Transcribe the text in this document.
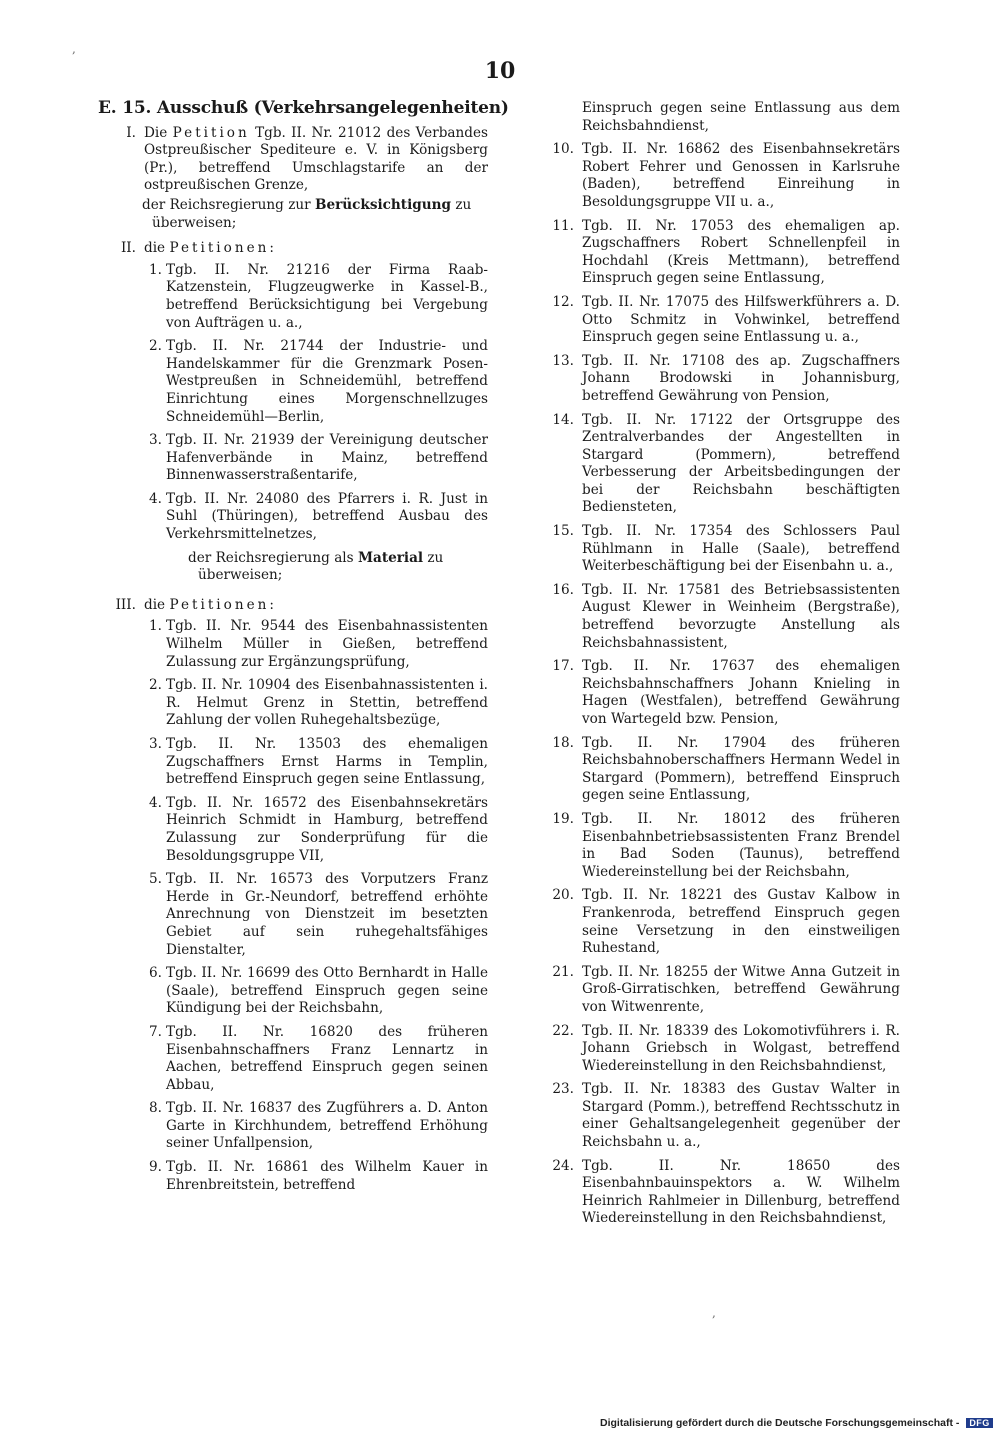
10
E. 15. Ausschuß (Verkehrsangelegenheiten)
I. Die Petition Tgb. II. Nr. 21012 des Verbandes Ostpreußischer Spediteure e. V. in Königsberg (Pr.), betreffend Umschlagstarife an der ostpreußischen Grenze,
der Reichsregierung zur Berücksichtigung zu überweisen;
II. die Petitionen:
1. Tgb. II. Nr. 21216 der Firma Raab-Katzenstein, Flugzeugwerke in Kassel-B., betreffend Berücksichtigung bei Vergebung von Aufträgen u. a.,
2. Tgb. II. Nr. 21744 der Industrie- und Handelskammer für die Grenzmark Posen-Westpreußen in Schneidemühl, betreffend Einrichtung eines Morgenschnellzuges Schneidemühl—Berlin,
3. Tgb. II. Nr. 21939 der Vereinigung deutscher Hafenverbände in Mainz, betreffend Binnenwasserstraßentarife,
4. Tgb. II. Nr. 24080 des Pfarrers i. R. Just in Suhl (Thüringen), betreffend Ausbau des Verkehrsmittelnetzes,
der Reichsregierung als Material zu überweisen;
III. die Petitionen:
1. Tgb. II. Nr. 9544 des Eisenbahnassistenten Wilhelm Müller in Gießen, betreffend Zulassung zur Ergänzungsprüfung,
2. Tgb. II. Nr. 10904 des Eisenbahnassistenten i. R. Helmut Grenz in Stettin, betreffend Zahlung der vollen Ruhegehaltsbezüge,
3. Tgb. II. Nr. 13503 des ehemaligen Zugschaffners Ernst Harms in Templin, betreffend Einspruch gegen seine Entlassung,
4. Tgb. II. Nr. 16572 des Eisenbahnsekretärs Heinrich Schmidt in Hamburg, betreffend Zulassung zur Sonderprüfung für die Besoldungsgruppe VII,
5. Tgb. II. Nr. 16573 des Vorputzers Franz Herde in Gr.-Neundorf, betreffend erhöhte Anrechnung von Dienstzeit im besetzten Gebiet auf sein ruhegehaltsfähiges Dienstalter,
6. Tgb. II. Nr. 16699 des Otto Bernhardt in Halle (Saale), betreffend Einspruch gegen seine Kündigung bei der Reichsbahn,
7. Tgb. II. Nr. 16820 des früheren Eisenbahnschaffners Franz Lennartz in Aachen, betreffend Einspruch gegen seinen Abbau,
8. Tgb. II. Nr. 16837 des Zugführers a. D. Anton Garte in Kirchhundem, betreffend Erhöhung seiner Unfallpension,
9. Tgb. II. Nr. 16861 des Wilhelm Kauer in Ehrenbreitstein, betreffend
Einspruch gegen seine Entlassung aus dem Reichsbahndienst,
10. Tgb. II. Nr. 16862 des Eisenbahnsekretärs Robert Fehrer und Genossen in Karlsruhe (Baden), betreffend Einreihung in Besoldungsgruppe VII u. a.,
11. Tgb. II. Nr. 17053 des ehemaligen ap. Zugschaffners Robert Schnellenpfeil in Hochdahl (Kreis Mettmann), betreffend Einspruch gegen seine Entlassung,
12. Tgb. II. Nr. 17075 des Hilfswerkführers a. D. Otto Schmitz in Vohwinkel, betreffend Einspruch gegen seine Entlassung u. a.,
13. Tgb. II. Nr. 17108 des ap. Zugschaffners Johann Brodowski in Johannisburg, betreffend Gewährung von Pension,
14. Tgb. II. Nr. 17122 der Ortsgruppe des Zentralverbandes der Angestellten in Stargard (Pommern), betreffend Verbesserung der Arbeitsbedingungen der bei der Reichsbahn beschäftigten Bediensteten,
15. Tgb. II. Nr. 17354 des Schlossers Paul Rühlmann in Halle (Saale), betreffend Weiterbeschäftigung bei der Eisenbahn u. a.,
16. Tgb. II. Nr. 17581 des Betriebsassistenten August Klewer in Weinheim (Bergstraße), betreffend bevorzugte Anstellung als Reichsbahnassistent,
17. Tgb. II. Nr. 17637 des ehemaligen Reichsbahnschaffners Johann Knieling in Hagen (Westfalen), betreffend Gewährung von Wartegeld bzw. Pension,
18. Tgb. II. Nr. 17904 des früheren Reichsbahnoberschaffners Hermann Wedel in Stargard (Pommern), betreffend Einspruch gegen seine Entlassung,
19. Tgb. II. Nr. 18012 des früheren Eisenbahnbetriebsassistenten Franz Brendel in Bad Soden (Taunus), betreffend Wiedereinstellung bei der Reichsbahn,
20. Tgb. II. Nr. 18221 des Gustav Kalbow in Frankenroda, betreffend Einspruch gegen seine Versetzung in den einstweiligen Ruhestand,
21. Tgb. II. Nr. 18255 der Witwe Anna Gutzeit in Groß-Girratischken, betreffend Gewährung von Witwenrente,
22. Tgb. II. Nr. 18339 des Lokomotivführers i. R. Johann Griebsch in Wolgast, betreffend Wiedereinstellung in den Reichsbahndienst,
23. Tgb. II. Nr. 18383 des Gustav Walter in Stargard (Pomm.), betreffend Rechtsschutz in einer Gehaltsangelegenheit gegenüber der Reichsbahn u. a.,
24. Tgb. II. Nr. 18650 des Eisenbahnbauinspektors a. W. Wilhelm Heinrich Rahlmeier in Dillenburg, betreffend Wiedereinstellung in den Reichsbahndienst,
,
,
Digitalisierung gefördert durch die Deutsche Forschungsgemeinschaft - DFG
